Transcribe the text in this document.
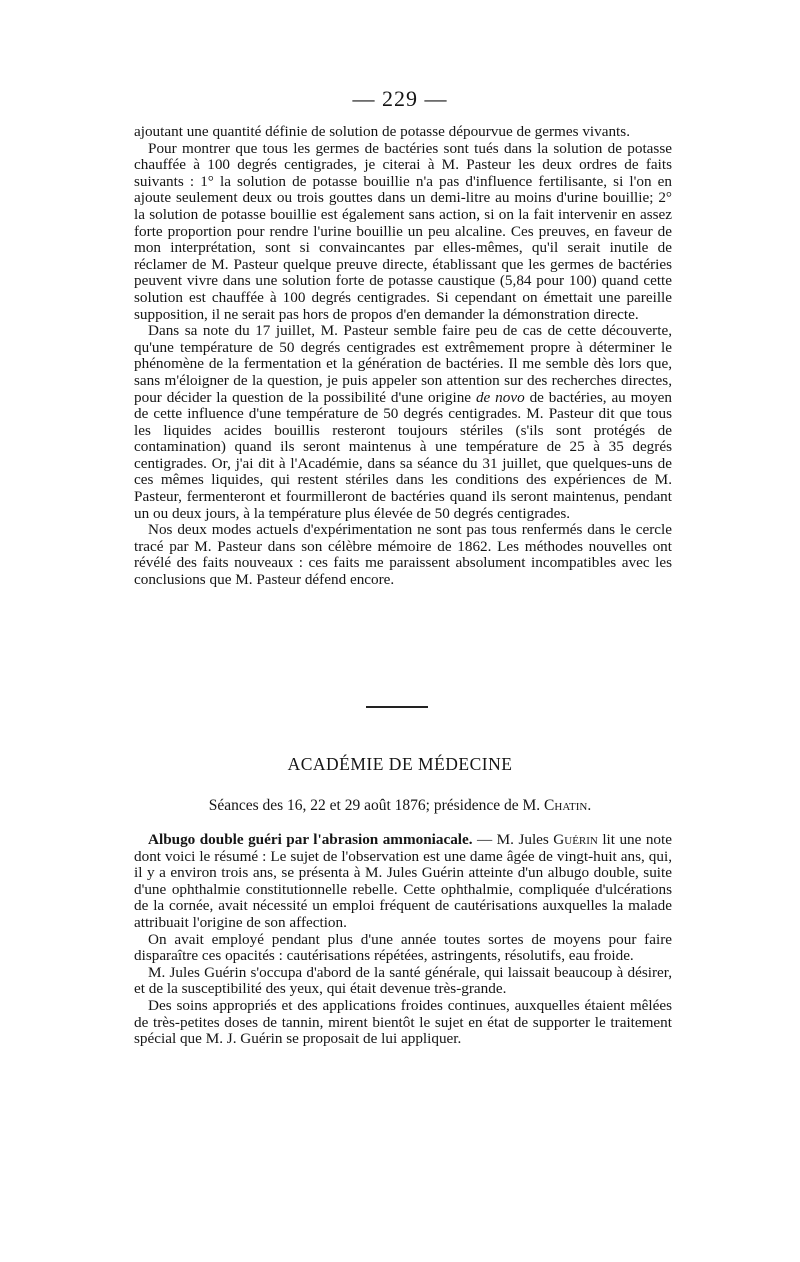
— 229 —

ajoutant une quantité définie de solution de potasse dépourvue de germes vivants.

Pour montrer que tous les germes de bactéries sont tués dans la solution de potasse chauffée à 100 degrés centigrades, je citerai à M. Pasteur les deux ordres de faits suivants : 1° la solution de potasse bouillie n'a pas d'influence fertilisante, si l'on en ajoute seulement deux ou trois gouttes dans un demi-litre au moins d'urine bouillie; 2° la solution de potasse bouillie est également sans action, si on la fait intervenir en assez forte proportion pour rendre l'urine bouillie un peu alcaline. Ces preuves, en faveur de mon interprétation, sont si convaincantes par elles-mêmes, qu'il serait inutile de réclamer de M. Pasteur quelque preuve directe, établissant que les germes de bactéries peuvent vivre dans une solution forte de potasse caustique (5,84 pour 100) quand cette solution est chauffée à 100 degrés centigrades. Si cependant on émettait une pareille supposition, il ne serait pas hors de propos d'en demander la démonstration directe.

Dans sa note du 17 juillet, M. Pasteur semble faire peu de cas de cette découverte, qu'une température de 50 degrés centigrades est extrêmement propre à déterminer le phénomène de la fermentation et la génération de bactéries. Il me semble dès lors que, sans m'éloigner de la question, je puis appeler son attention sur des recherches directes, pour décider la question de la possibilité d'une origine de novo de bactéries, au moyen de cette influence d'une température de 50 degrés centigrades. M. Pasteur dit que tous les liquides acides bouillis resteront toujours stériles (s'ils sont protégés de contamination) quand ils seront maintenus à une température de 25 à 35 degrés centigrades. Or, j'ai dit à l'Académie, dans sa séance du 31 juillet, que quelques-uns de ces mêmes liquides, qui restent stériles dans les conditions des expériences de M. Pasteur, fermenteront et fourmilleront de bactéries quand ils seront maintenus, pendant un ou deux jours, à la température plus élevée de 50 degrés centigrades.

Nos deux modes actuels d'expérimentation ne sont pas tous renfermés dans le cercle tracé par M. Pasteur dans son célèbre mémoire de 1862. Les méthodes nouvelles ont révélé des faits nouveaux : ces faits me paraissent absolument incompatibles avec les conclusions que M. Pasteur défend encore.

ACADÉMIE DE MÉDECINE
Séances des 16, 22 et 29 août 1876; présidence de M. Chatin.

Albugo double guéri par l'abrasion ammoniacale. — M. Jules Guérin lit une note dont voici le résumé : Le sujet de l'observation est une dame âgée de vingt-huit ans, qui, il y a environ trois ans, se présenta à M. Jules Guérin atteinte d'un albugo double, suite d'une ophthalmie constitutionnelle rebelle. Cette ophthalmie, compliquée d'ulcérations de la cornée, avait nécessité un emploi fréquent de cautérisations auxquelles la malade attribuait l'origine de son affection.

On avait employé pendant plus d'une année toutes sortes de moyens pour faire disparaître ces opacités : cautérisations répétées, astringents, résolutifs, eau froide.

M. Jules Guérin s'occupa d'abord de la santé générale, qui laissait beaucoup à désirer, et de la susceptibilité des yeux, qui était devenue très-grande.

Des soins appropriés et des applications froides continues, auxquelles étaient mêlées de très-petites doses de tannin, mirent bientôt le sujet en état de supporter le traitement spécial que M. J. Guérin se proposait de lui appliquer.
